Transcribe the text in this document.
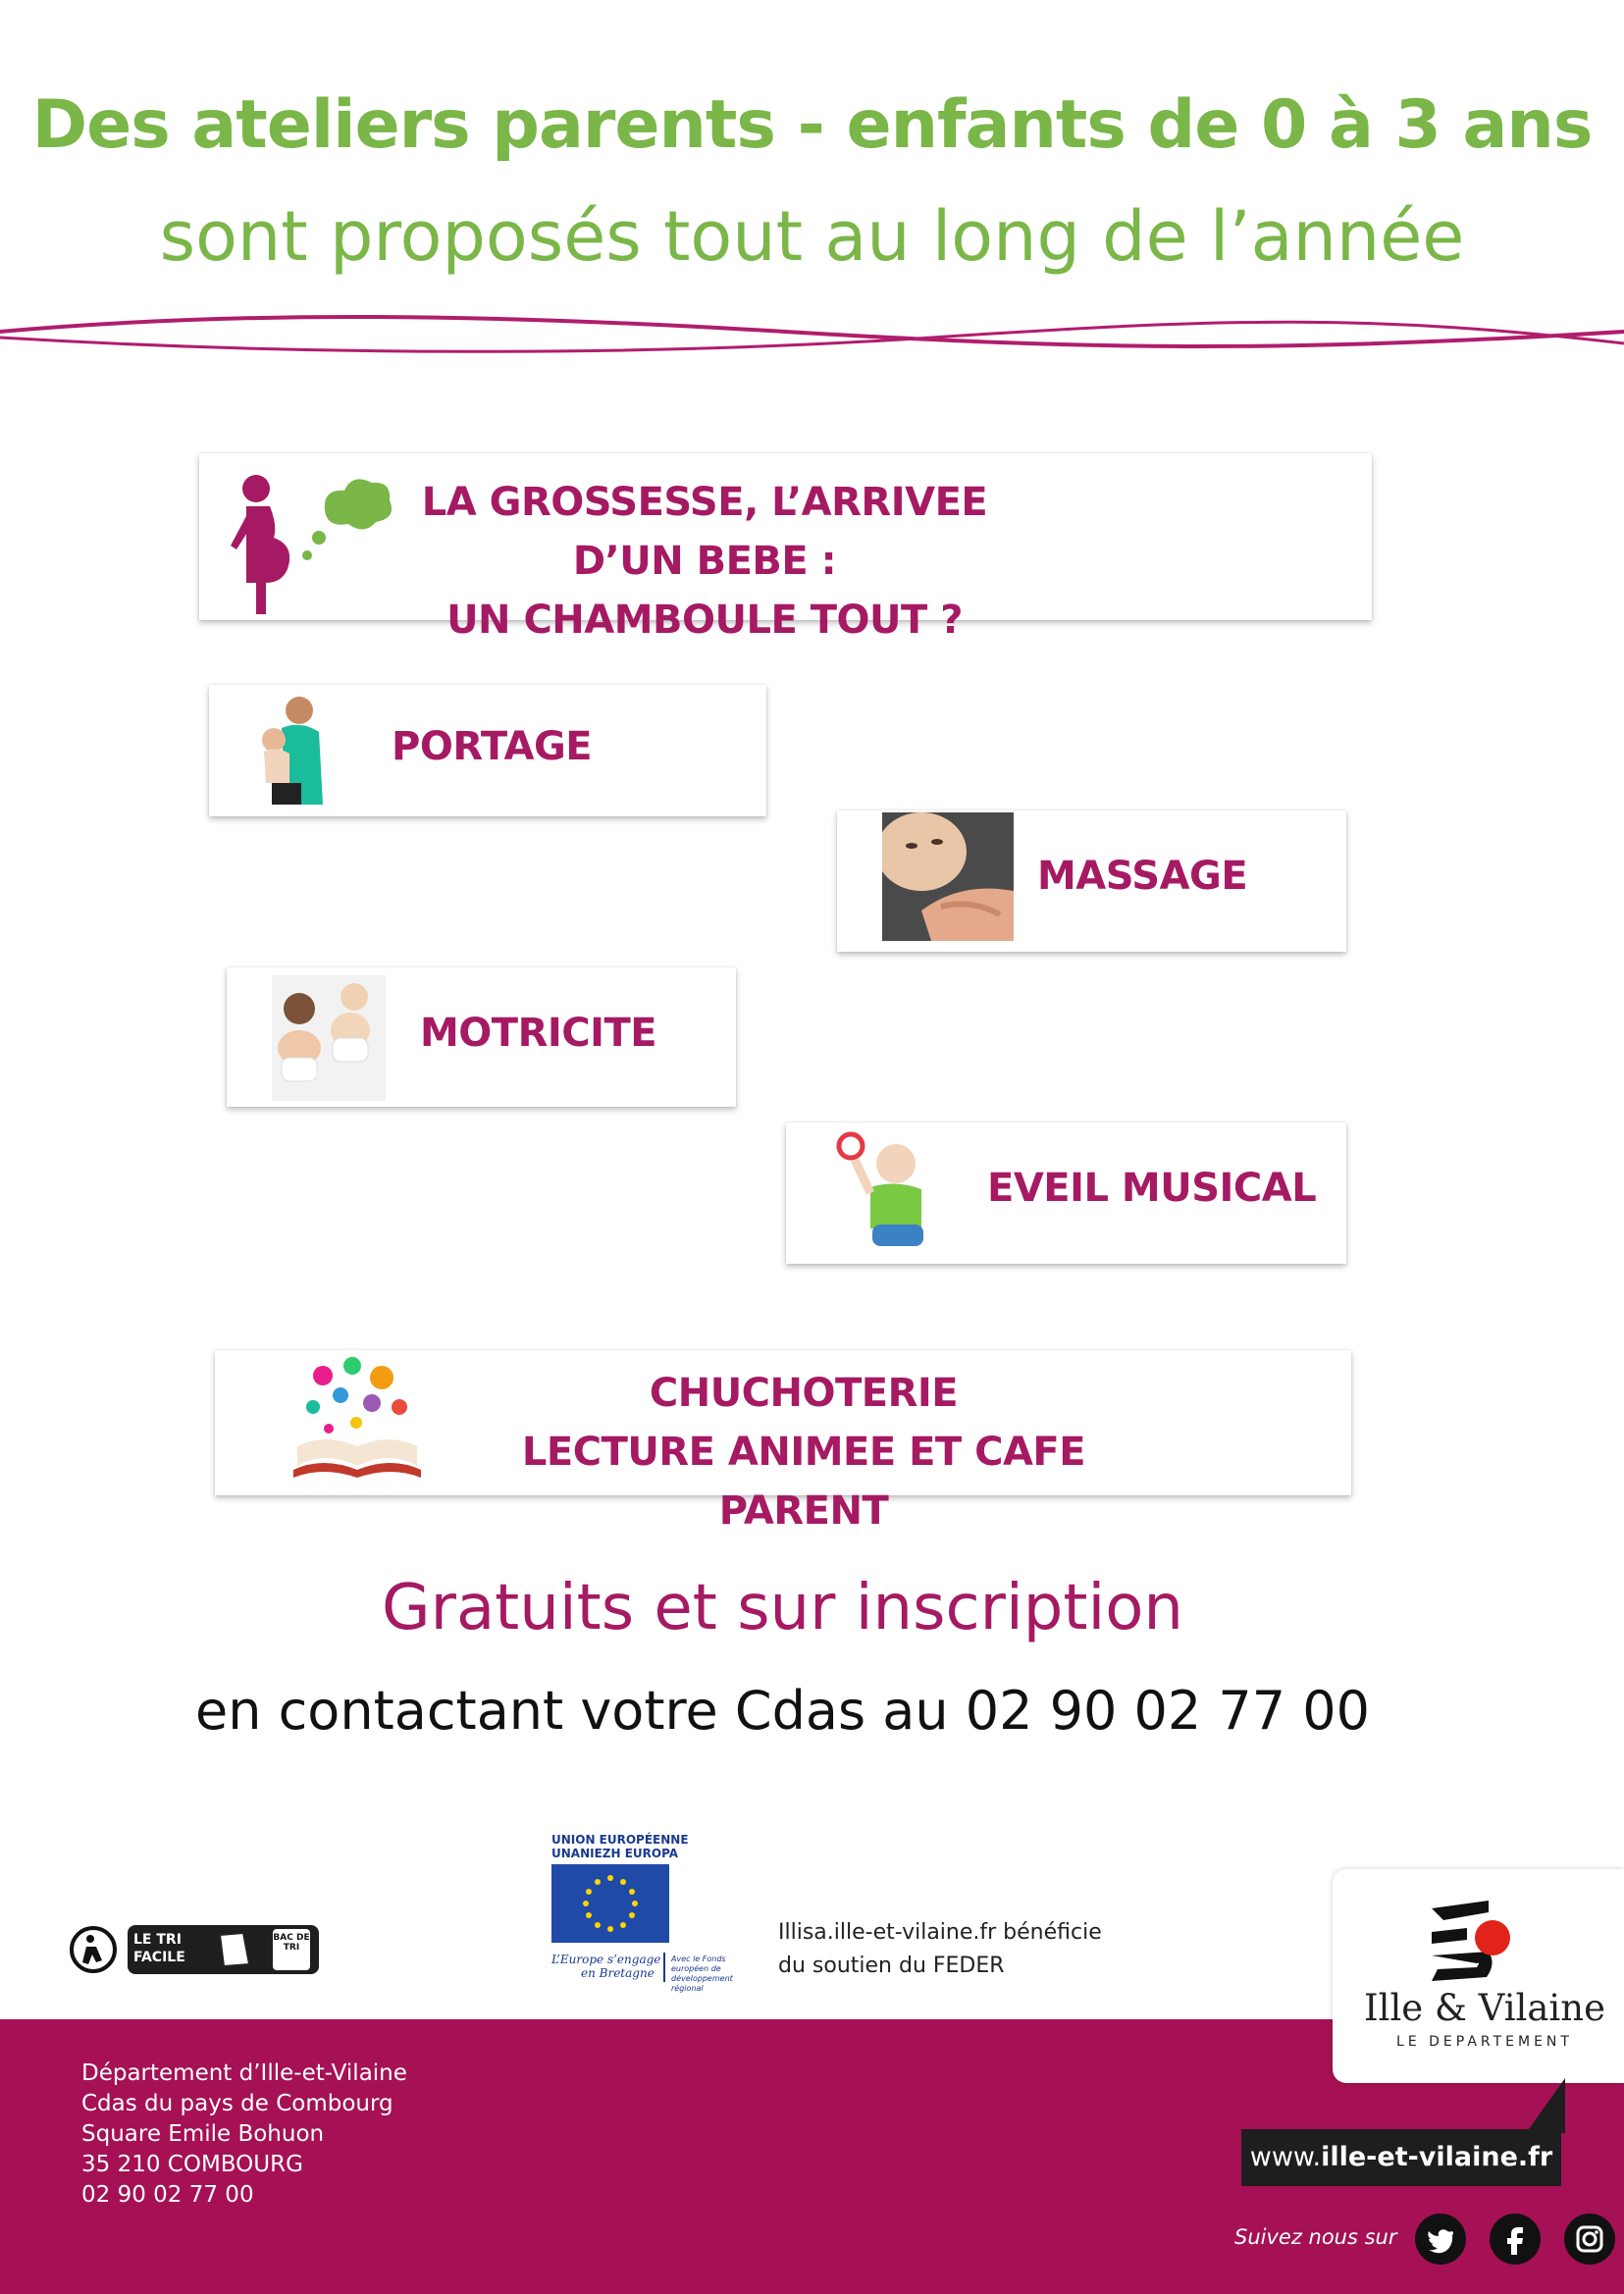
Des ateliers parents - enfants de 0 à 3 ans
sont proposés tout au long de l’année
LA GROSSESSE, L’ARRIVEE D’UN BEBE :
UN CHAMBOULE TOUT ?
PORTAGE
MASSAGE
MOTRICITE
EVEIL MUSICAL
CHUCHOTERIE
LECTURE ANIMEE ET CAFE PARENT
Gratuits et sur inscription
en contactant votre Cdas au 02 90 02 77 00
LE TRI
FACILE
BAC DE TRI
UNION EUROPÉENNE
UNANIEZH EUROPA
L’Europe s’engage
en Bretagne
Avec le Fonds européen de développement régional
Illisa.ille-et-vilaine.fr bénéficie
du soutien du FEDER
Département d’Ille-et-Vilaine
Cdas du pays de Combourg
Square Emile Bohuon
35 210 COMBOURG
02 90 02 77 00
Ille & Vilaine
LE DEPARTEMENT
www.ille-et-vilaine.fr
Suivez nous sur
